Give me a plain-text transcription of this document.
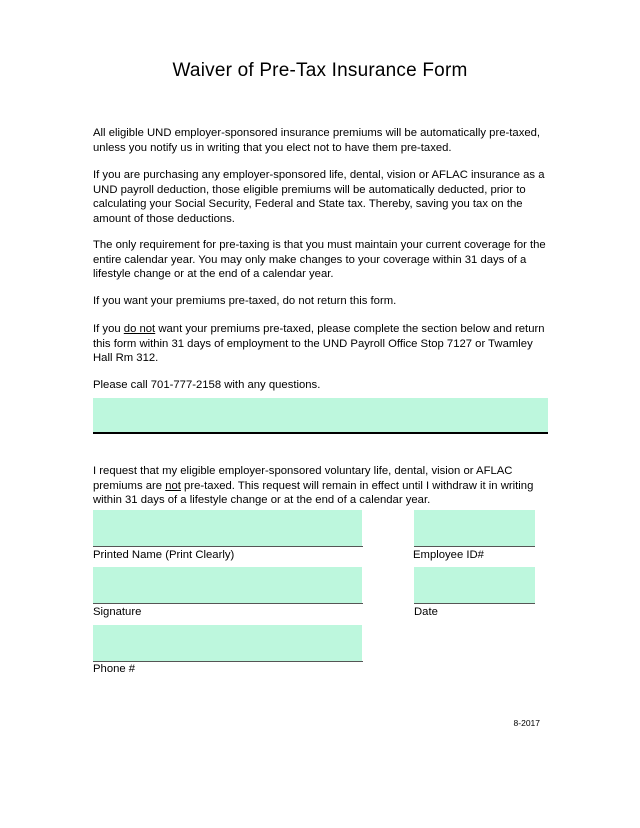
Waiver of Pre-Tax Insurance Form

All eligible UND employer-sponsored insurance premiums will be automatically pre-taxed, unless you notify us in writing that you elect not to have them pre-taxed.

If you are purchasing any employer-sponsored life, dental, vision or AFLAC insurance as a UND payroll deduction, those eligible premiums will be automatically deducted, prior to calculating your Social Security, Federal and State tax. Thereby, saving you tax on the amount of those deductions.

The only requirement for pre-taxing is that you must maintain your current coverage for the entire calendar year. You may only make changes to your coverage within 31 days of a lifestyle change or at the end of a calendar year.

If you want your premiums pre-taxed, do not return this form.

If you do not want your premiums pre-taxed, please complete the section below and return this form within 31 days of employment to the UND Payroll Office Stop 7127 or Twamley Hall Rm 312.

Please call 701-777-2158 with any questions.

I request that my eligible employer-sponsored voluntary life, dental, vision or AFLAC premiums are not pre-taxed. This request will remain in effect until I withdraw it in writing within 31 days of a lifestyle change or at the end of a calendar year.

Printed Name (Print Clearly)	Employee ID#
Signature	Date
Phone #
8-2017
